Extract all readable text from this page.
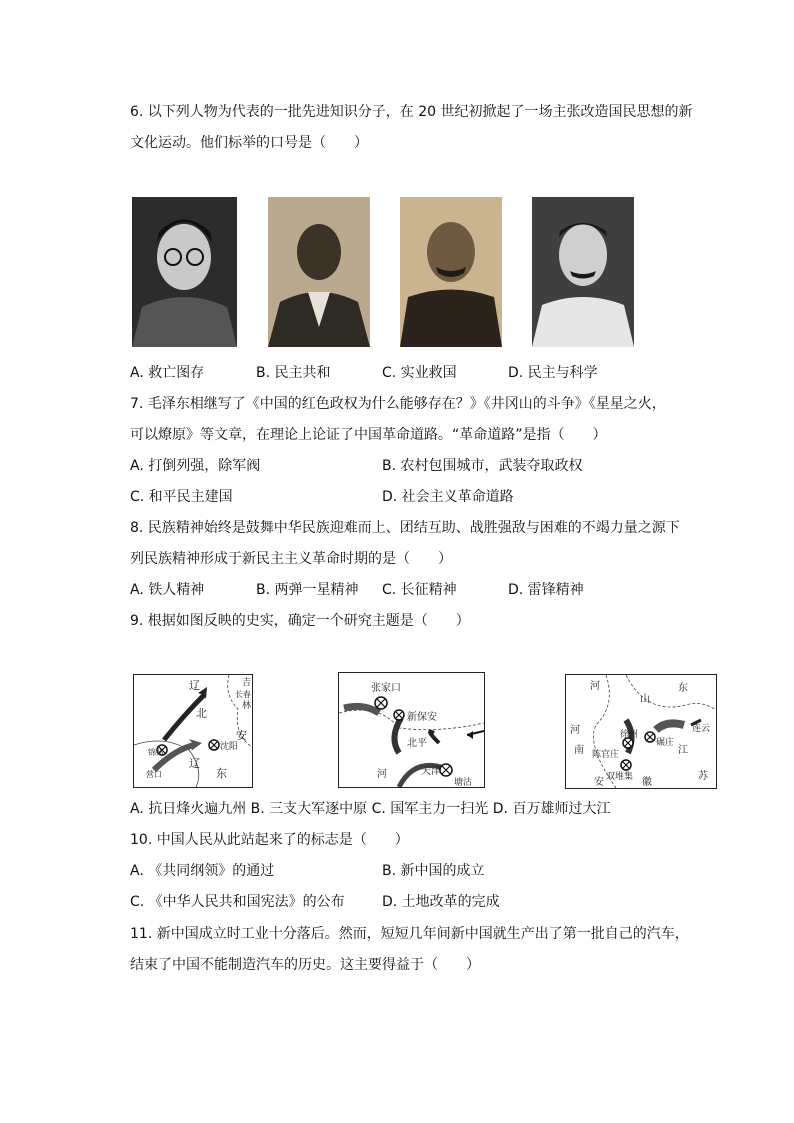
6. 以下列人物为代表的一批先进知识分子，在 20 世纪初掀起了一场主张改造国民思想的新
文化运动。他们标举的口号是（　　）
A. 救亡图存	B. 民主共和	C. 实业救国	D. 民主与科学
7. 毛泽东相继写了《中国的红色政权为什么能够存在？》《井冈山的斗争》《星星之火，
可以燎原》等文章，在理论上论证了中国革命道路。“革命道路”是指（　　）
A. 打倒列强，除军阀	B. 农村包围城市，武装夺取政权
C. 和平民主建国	D. 社会主义革命道路
8. 民族精神始终是鼓舞中华民族迎难而上、团结互助、战胜强敌与困难的不竭力量之源下
列民族精神形成于新民主主义革命时期的是（　　）
A. 铁人精神	B. 两弹一星精神 C. 长征精神	D. 雷锋精神
9. 根据如图反映的史实，确定一个研究主题是（　　）
辽	吉
长春
林
北
安
沈阳
锦州
辽
营口	东
张家口
新保安
北平
河	天津
塘沽
河
山
东
河
南
徐州
碾庄
江
连云
陈官庄
双堆集
安	徽
苏
A. 抗日烽火遍九州 B. 三支大军逐中原 C. 国军主力一扫光 D. 百万雄师过大江
10. 中国人民从此站起来了的标志是（　　）
A. 《共同纲领》的通过	B. 新中国的成立
C. 《中华人民共和国宪法》的公布	D. 土地改革的完成
11. 新中国成立时工业十分落后。然而，短短几年间新中国就生产出了第一批自己的汽车，
结束了中国不能制造汽车的历史。这主要得益于（　　）
